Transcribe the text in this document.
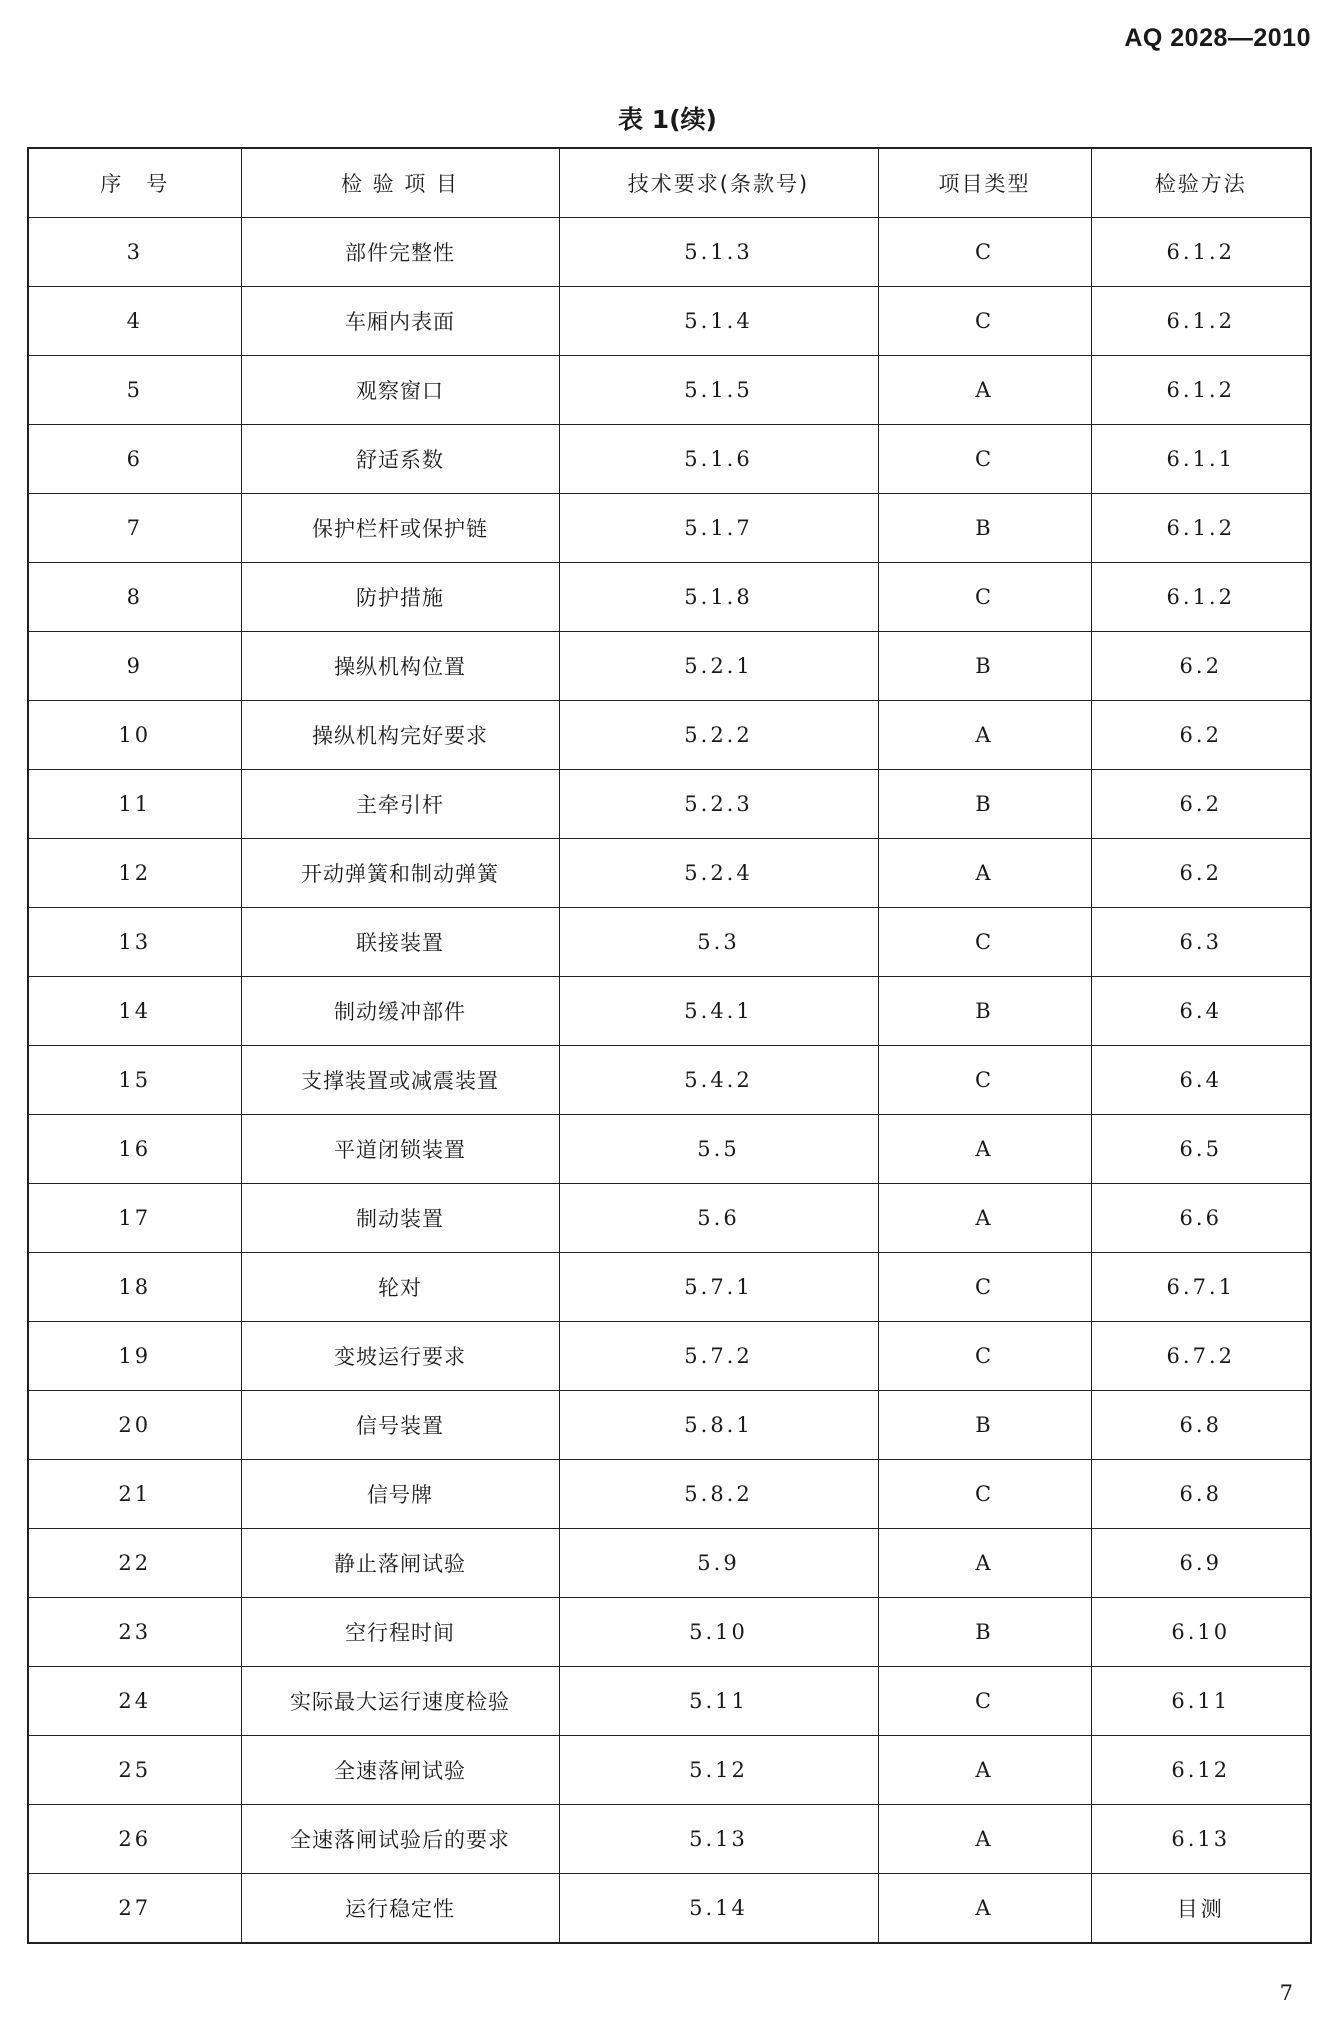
AQ 2028—2010
表 1(续)
序　号	检 验 项 目	技术要求(条款号)	项目类型	检验方法
3	部件完整性	5.1.3	C	6.1.2
4	车厢内表面	5.1.4	C	6.1.2
5	观察窗口	5.1.5	A	6.1.2
6	舒适系数	5.1.6	C	6.1.1
7	保护栏杆或保护链	5.1.7	B	6.1.2
8	防护措施	5.1.8	C	6.1.2
9	操纵机构位置	5.2.1	B	6.2
10	操纵机构完好要求	5.2.2	A	6.2
11	主牵引杆	5.2.3	B	6.2
12	开动弹簧和制动弹簧	5.2.4	A	6.2
13	联接装置	5.3	C	6.3
14	制动缓冲部件	5.4.1	B	6.4
15	支撑装置或减震装置	5.4.2	C	6.4
16	平道闭锁装置	5.5	A	6.5
17	制动装置	5.6	A	6.6
18	轮对	5.7.1	C	6.7.1
19	变坡运行要求	5.7.2	C	6.7.2
20	信号装置	5.8.1	B	6.8
21	信号牌	5.8.2	C	6.8
22	静止落闸试验	5.9	A	6.9
23	空行程时间	5.10	B	6.10
24	实际最大运行速度检验	5.11	C	6.11
25	全速落闸试验	5.12	A	6.12
26	全速落闸试验后的要求	5.13	A	6.13
27	运行稳定性	5.14	A	目测
7
